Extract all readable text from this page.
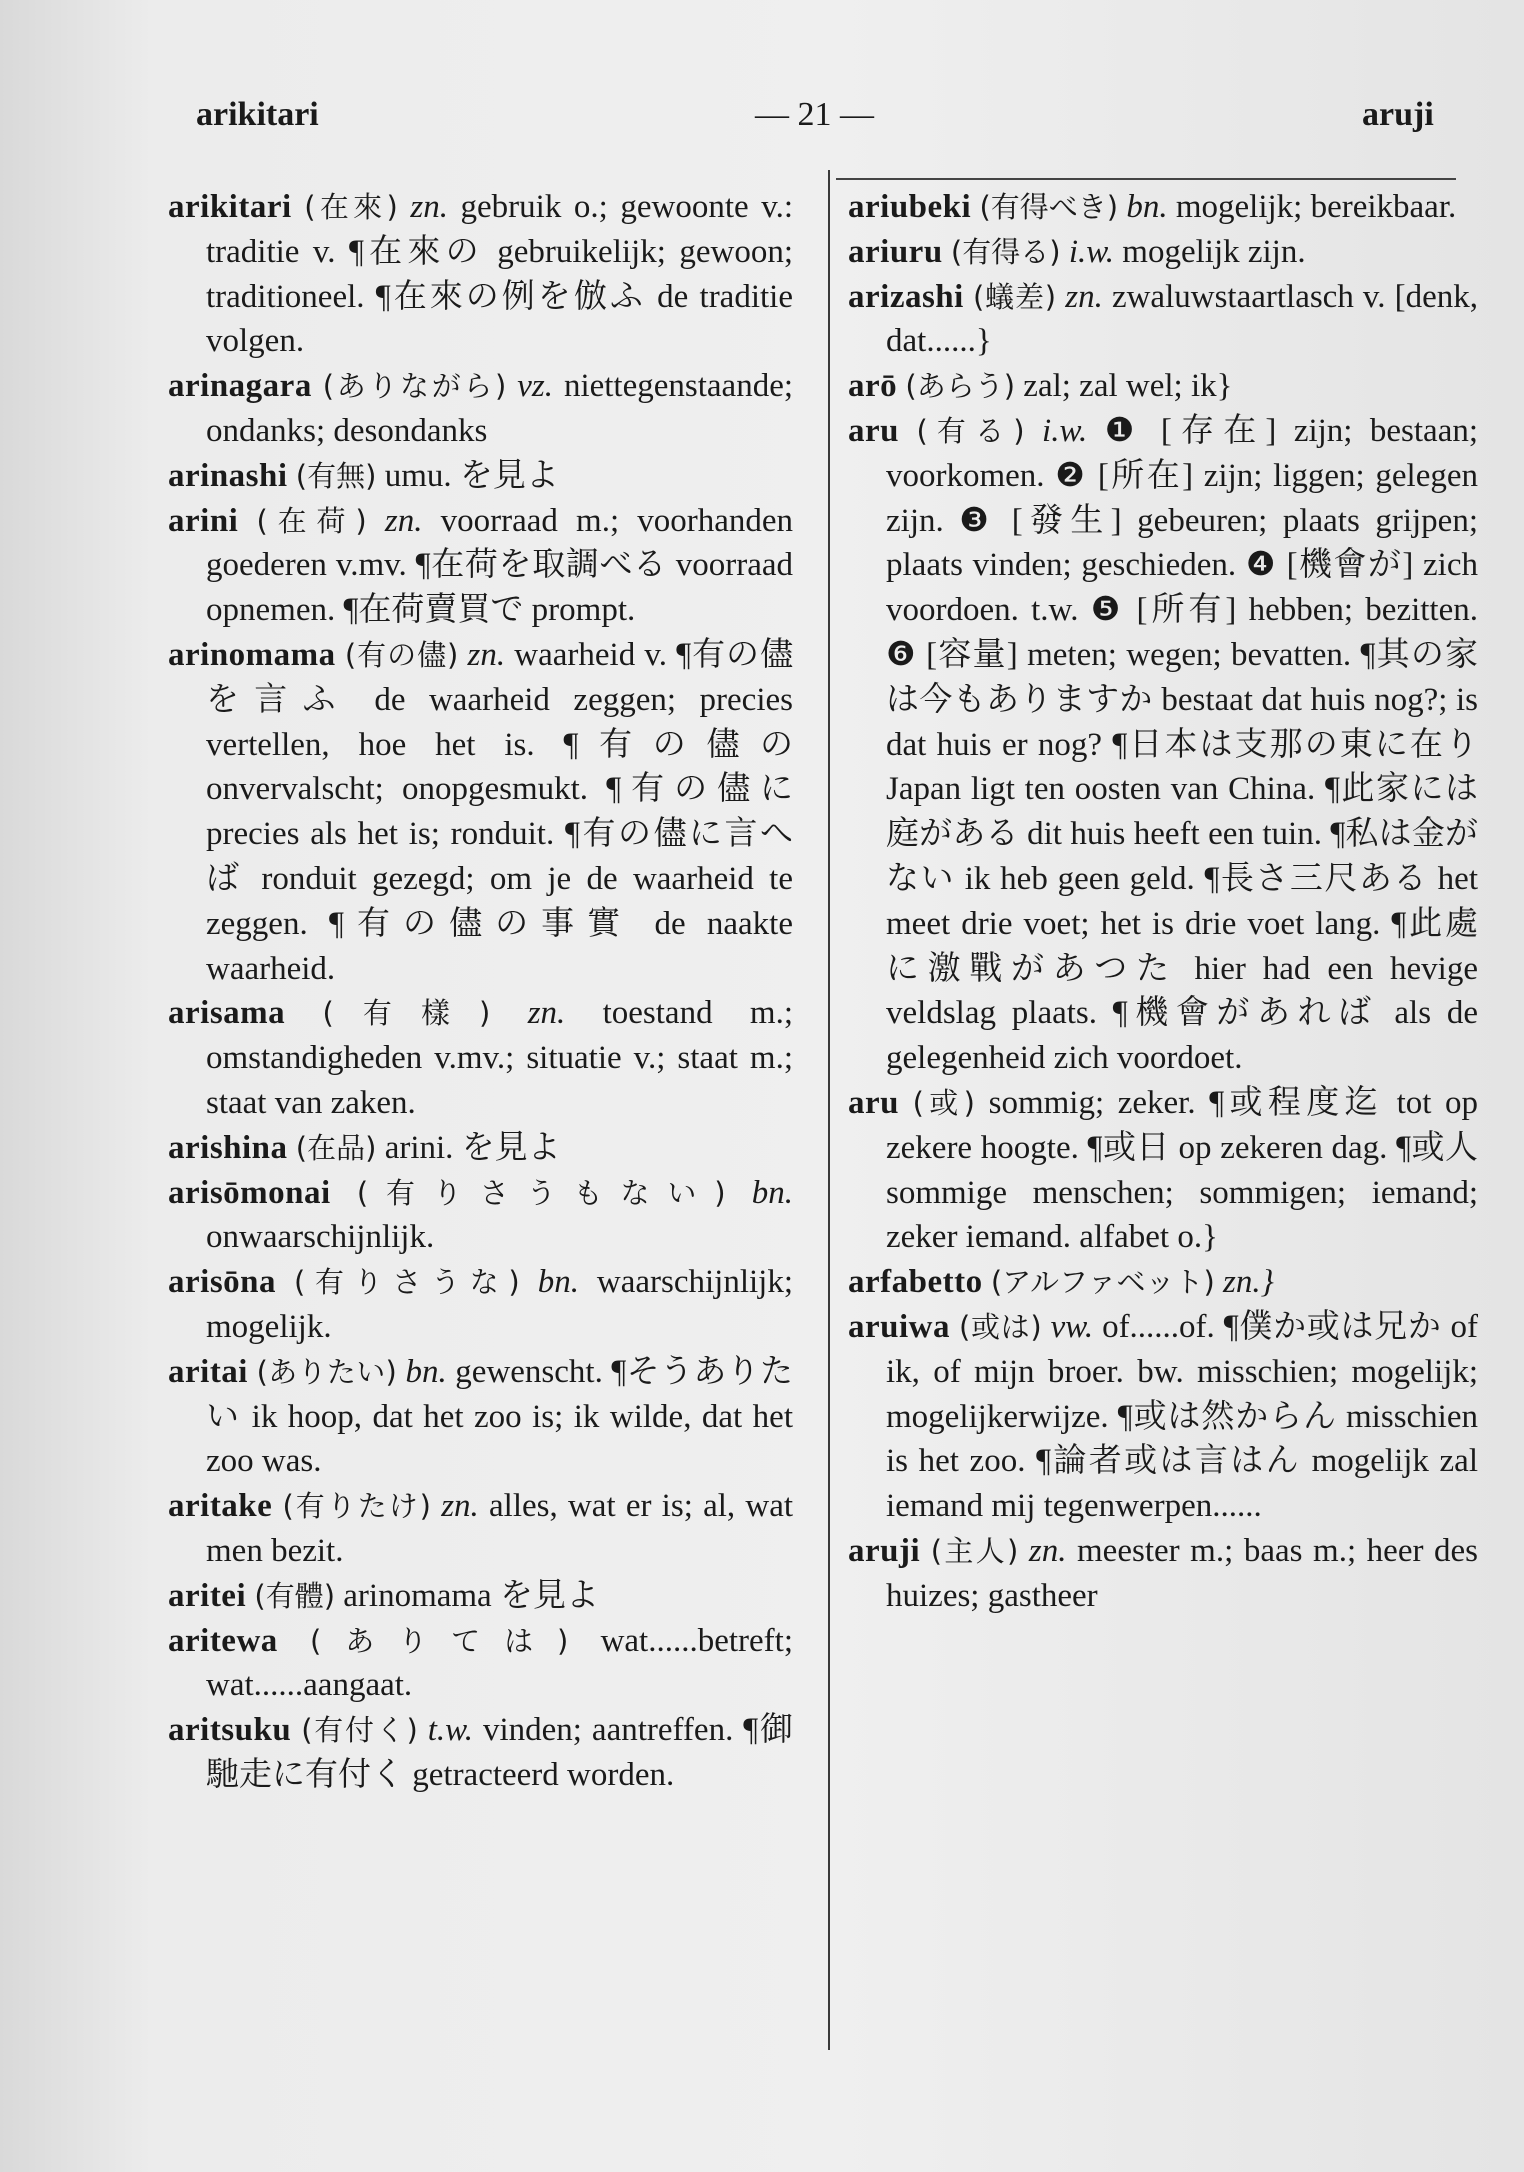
arikitari	— 21 —	aruji

arikitari (在來) zn. gebruik o.; gewoonte v.: traditie v. ¶在來の gebruikelijk; gewoon; traditioneel. ¶在來の例を倣ふ de traditie volgen.

arinagara (ありながら) vz. niettegenstaande; ondanks; desondanks

arinashi (有無) umu. を見よ

arini (在荷) zn. voorraad m.; voorhanden goederen v.mv. ¶在荷を取調べる voorraad opnemen. ¶在荷賣買で prompt.

arinomama (有の儘) zn. waarheid v. ¶有の儘を言ふ de waarheid zeggen; precies vertellen, hoe het is. ¶有の儘の onvervalscht; onopgesmukt. ¶有の儘に precies als het is; ronduit. ¶有の儘に言へば ronduit gezegd; om je de waarheid te zeggen. ¶有の儘の事實 de naakte waarheid.

arisama (有樣) zn. toestand m.; omstandigheden v.mv.; situatie v.; staat m.; staat van zaken.

arishina (在品) arini. を見よ

arisōmonai (有りさうもない) bn. onwaarschijnlijk.

arisōna (有りさうな) bn. waarschijnlijk; mogelijk.

aritai (ありたい) bn. gewenscht. ¶そうありたい ik hoop, dat het zoo is; ik wilde, dat het zoo was.

aritake (有りたけ) zn. alles, wat er is; al, wat men bezit.

aritei (有體) arinomama を見よ

aritewa (ありては) wat......betreft; wat......aangaat.

aritsuku (有付く) t.w. vinden; aantreffen. ¶御馳走に有付く getracteerd worden.

ariubeki (有得べき) bn. mogelijk; bereikbaar.

ariuru (有得る) i.w. mogelijk zijn.

arizashi (蟻差) zn. zwaluwstaartlasch v. [denk, dat......}

arō (あらう) zal; zal wel; ik}

aru (有る) i.w. ❶ [存在] zijn; bestaan; voorkomen. ❷ [所在] zijn; liggen; gelegen zijn. ❸ [發生] gebeuren; plaats grijpen; plaats vinden; geschieden. ❹ [機會が] zich voordoen. t.w. ❺ [所有] hebben; bezitten. ❻ [容量] meten; wegen; bevatten. ¶其の家は今もありますか bestaat dat huis nog?; is dat huis er nog? ¶日本は支那の東に在り Japan ligt ten oosten van China. ¶此家には庭がある dit huis heeft een tuin. ¶私は金がない ik heb geen geld. ¶長さ三尺ある het meet drie voet; het is drie voet lang. ¶此處に激戰があつた hier had een hevige veldslag plaats. ¶機會があれば als de gelegenheid zich voordoet.

aru (或) sommig; zeker. ¶或程度迄 tot op zekere hoogte. ¶或日 op zekeren dag. ¶或人 sommige menschen; sommigen; iemand; zeker iemand. alfabet o.}

arfabetto (アルファベット) zn.}

aruiwa (或は) vw. of......of. ¶僕か或は兄か of ik, of mijn broer. bw. misschien; mogelijk; mogelijkerwijze. ¶或は然からん misschien is het zoo. ¶論者或は言はん mogelijk zal iemand mij tegenwerpen......

aruji (主人) zn. meester m.; baas m.; heer des huizes; gastheer
